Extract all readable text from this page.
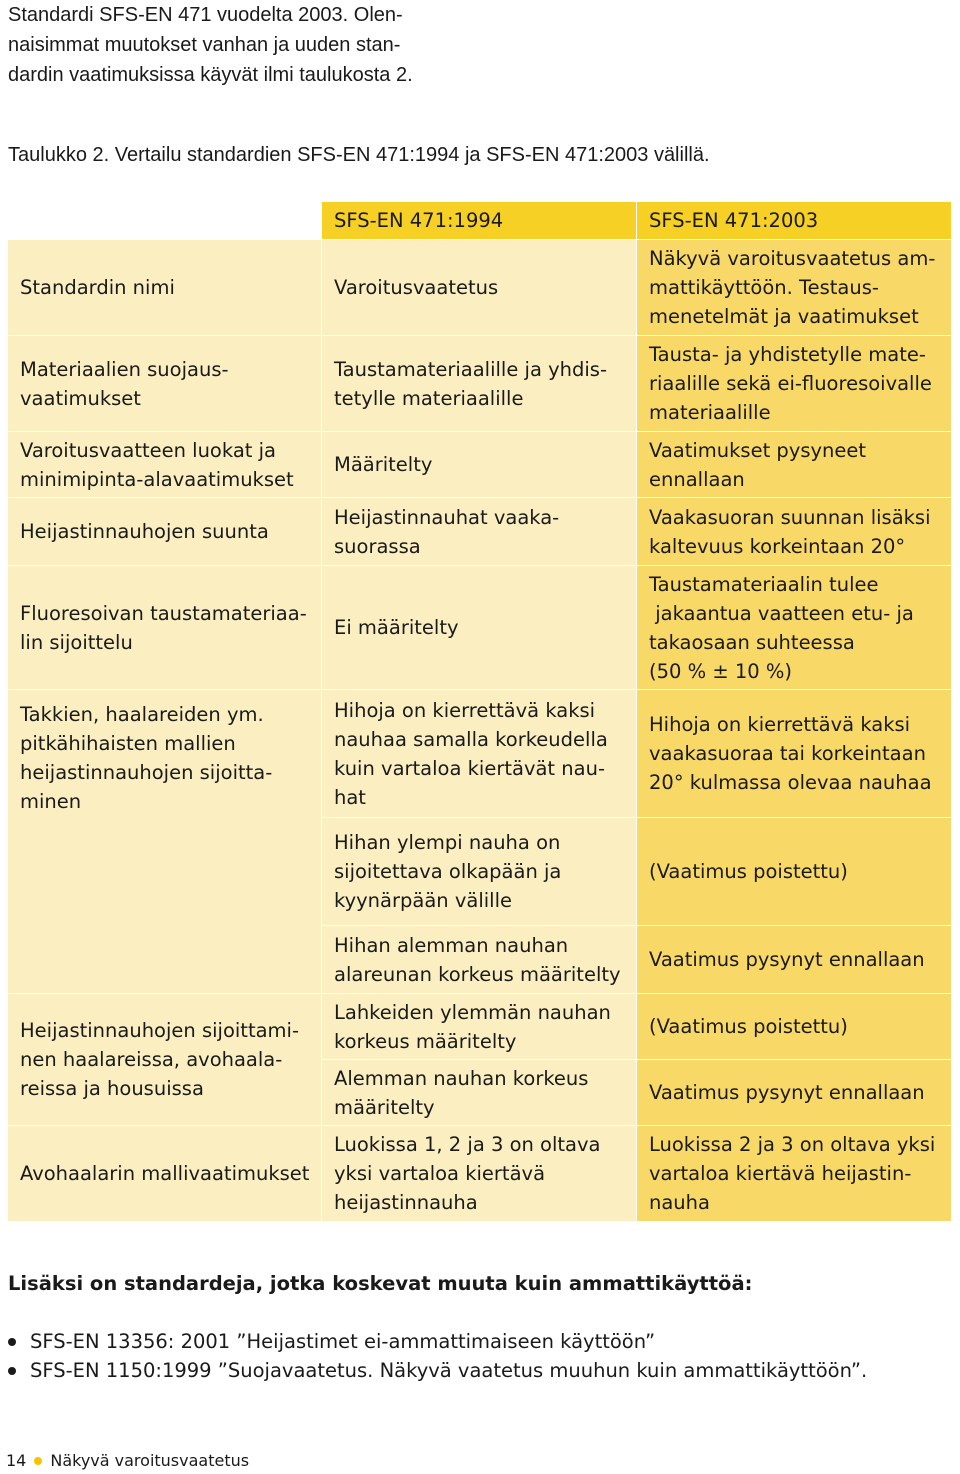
Standardi SFS-EN 471 vuodelta 2003. Olen-
naisimmat muutokset vanhan ja uuden stan-
dardin vaatimuksissa käyvät ilmi taulukosta 2.
Taulukko 2. Vertailu standardien SFS-EN 471:1994 ja SFS-EN 471:2003 välillä.
	SFS-EN 471:1994	SFS-EN 471:2003

Standardin nimi	Varoitusvaatetus	Näkyvä varoitusvaatetus am-
mattikäyttöön. Testaus-
menetelmät ja vaatimukset

Materiaalien suojaus-
vaatimukset	Taustamateriaalille ja yhdis-
tetylle materiaalille	Tausta- ja yhdistetylle mate-
riaalille sekä ei-fluoresoivalle
materiaalille

Varoitusvaatteen luokat ja
minimipinta-alavaatimukset	Määritelty	Vaatimukset pysyneet
ennallaan

Heijastinnauhojen suunta	Heijastinnauhat vaaka-
suorassa	Vaakasuoran suunnan lisäksi
kaltevuus korkeintaan 20°

Fluoresoivan taustamateriaa-
lin sijoittelu	Ei määritelty	Taustamateriaalin tulee
jakaantua vaatteen etu- ja
takaosaan suhteessa
(50 % ± 10 %)

Takkien, haalareiden ym.
pitkähihaisten mallien
heijastinnauhojen sijoitta-
minen	Hihoja on kierrettävä kaksi
nauhaa samalla korkeudella
kuin vartaloa kiertävät nau-
hat	Hihoja on kierrettävä kaksi
vaakasuoraa tai korkeintaan
20° kulmassa olevaa nauhaa

	Hihan ylempi nauha on
sijoitettava olkapään ja
kyynärpään välille	(Vaatimus poistettu)

	Hihan alemman nauhan
alareunan korkeus määritelty	Vaatimus pysynyt ennallaan

Heijastinnauhojen sijoittami-
nen haalareissa, avohaala-
reissa ja housuissa	Lahkeiden ylemmän nauhan
korkeus määritelty	(Vaatimus poistettu)

	Alemman nauhan korkeus
määritelty	Vaatimus pysynyt ennallaan

Avohaalarin mallivaatimukset	Luokissa 1, 2 ja 3 on oltava
yksi vartaloa kiertävä
heijastinnauha	Luokissa 2 ja 3 on oltava yksi
vartaloa kiertävä heijastin-
nauha
Lisäksi on standardeja, jotka koskevat muuta kuin ammattikäyttöä:
SFS-EN 13356: 2001 ”Heijastimet ei-ammattimaiseen käyttöön”
SFS-EN 1150:1999 ”Suojavaatetus. Näkyvä vaatetus muuhun kuin ammattikäyttöön”.
14 Näkyvä varoitusvaatetus
